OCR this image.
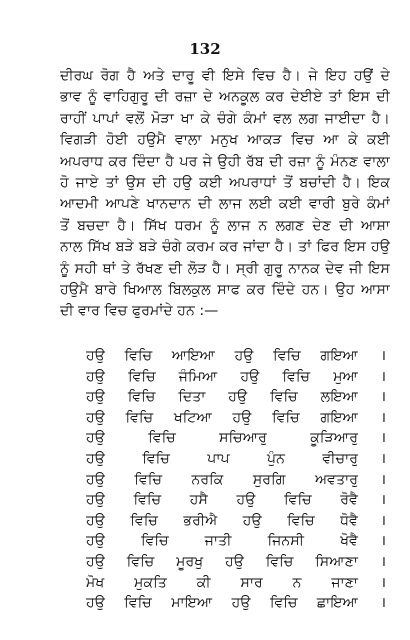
132
ਦੀਰਘ ਰੋਗ ਹੈ ਅਤੇ ਦਾਰੂ ਵੀ ਇਸੇ ਵਿਚ ਹੈ। ਜੇ ਇਹ ਹਉਂ ਦੇ
ਭਾਵ ਨੂੰ ਵਾਹਿਗੁਰੂ ਦੀ ਰਜ਼ਾ ਦੇ ਅਨਕੂਲ ਕਰ ਦੇਈਏ ਤਾਂ ਇਸ ਦੀ
ਰਾਹੀਂ ਪਾਪਾਂ ਵਲੋਂ ਮੋੜਾ ਖਾ ਕੇ ਚੰਗੇ ਕੰਮਾਂ ਵਲ ਲਗ ਜਾਈਦਾ ਹੈ।
ਵਿਗੜੀ ਹੋਈ ਹਉਮੈ ਵਾਲਾ ਮਨੁਖ ਆਕੜ ਵਿਚ ਆ ਕੇ ਕਈ
ਅਪਰਾਧ ਕਰ ਦਿੰਦਾ ਹੈ ਪਰ ਜੇ ਉਹੀ ਰੱਬ ਦੀ ਰਜ਼ਾ ਨੂੰ ਮੰਨਣ ਵਾਲਾ
ਹੋ ਜਾਏ ਤਾਂ ਉਸ ਦੀ ਹਉ ਕਈ ਅਪਰਾਧਾਂ ਤੋਂ ਬਚਾਂਦੀ ਹੈ। ਇਕ
ਆਦਮੀ ਆਪਣੇ ਖਾਨਦਾਨ ਦੀ ਲਾਜ ਲਈ ਕਈ ਵਾਰੀ ਬੁਰੇ ਕੰਮਾਂ
ਤੋਂ ਬਚਦਾ ਹੈ। ਸਿੱਖ ਧਰਮ ਨੂੰ ਲਾਜ ਨ ਲਗਣ ਦੇਣ ਦੀ ਆਸ਼ਾ
ਨਾਲ ਸਿੱਖ ਬੜੇ ਬੜੇ ਚੰਗੇ ਕਰਮ ਕਰ ਜਾਂਦਾ ਹੈ। ਤਾਂ ਫਿਰ ਇਸ ਹਉ
ਨੂੰ ਸਹੀ ਥਾਂ ਤੇ ਰੱਖਣ ਦੀ ਲੋੜ ਹੈ। ਸ੍ਰੀ ਗੁਰੂ ਨਾਨਕ ਦੇਵ ਜੀ ਇਸ
ਹਉਮੈ ਬਾਰੇ ਖਿਆਲ ਬਿਲਕੁਲ ਸਾਫ ਕਰ ਦਿੰਦੇ ਹਨ। ਉਹ ਆਸਾ
ਦੀ ਵਾਰ ਵਿਚ ਫੁਰਮਾਂਦੇ ਹਨ :—
ਹਉ ਵਿਚਿ ਆਇਆ ਹਉ ਵਿਚਿ ਗਇਆ	।
ਹਉ ਵਿਚਿ ਜੰਮਿਆ ਹਉ ਵਿਚਿ ਮੁਆ	।
ਹਉ ਵਿਚਿ ਦਿਤਾ ਹਉ ਵਿਚਿ ਲਇਆ	।
ਹਉ ਵਿਚਿ ਖਟਿਆ ਹਉ ਵਿਚਿ ਗਇਆ	।
ਹਉ ਵਿਚਿ ਸਚਿਆਰੁ ਕੂੜਿਆਰੁ	।
ਹਉ ਵਿਚਿ ਪਾਪ ਪੁੰਨ ਵੀਚਾਰੁ	।
ਹਉ ਵਿਚਿ ਨਰਕਿ ਸੁਰਗਿ ਅਵਤਾਰੁ	।
ਹਉ ਵਿਚਿ ਹਸੈ ਹਉ ਵਿਚਿ ਰੋਵੈ	।
ਹਉ ਵਿਚਿ ਭਰੀਐ ਹਉ ਵਿਚਿ ਧੋਵੈ	।
ਹਉ ਵਿਚਿ ਜਾਤੀ ਜਿਨਸੀ ਖੋਵੈ	।
ਹਉ ਵਿਚਿ ਮੂਰਖੁ ਹਉ ਵਿਚਿ ਸਿਆਣਾ	।
ਮੋਖ ਮੁਕਤਿ ਕੀ ਸਾਰ ਨ ਜਾਣਾ	।
ਹਉ ਵਿਚਿ ਮਾਇਆ ਹਉ ਵਿਚਿ ਛਾਇਆ	।
